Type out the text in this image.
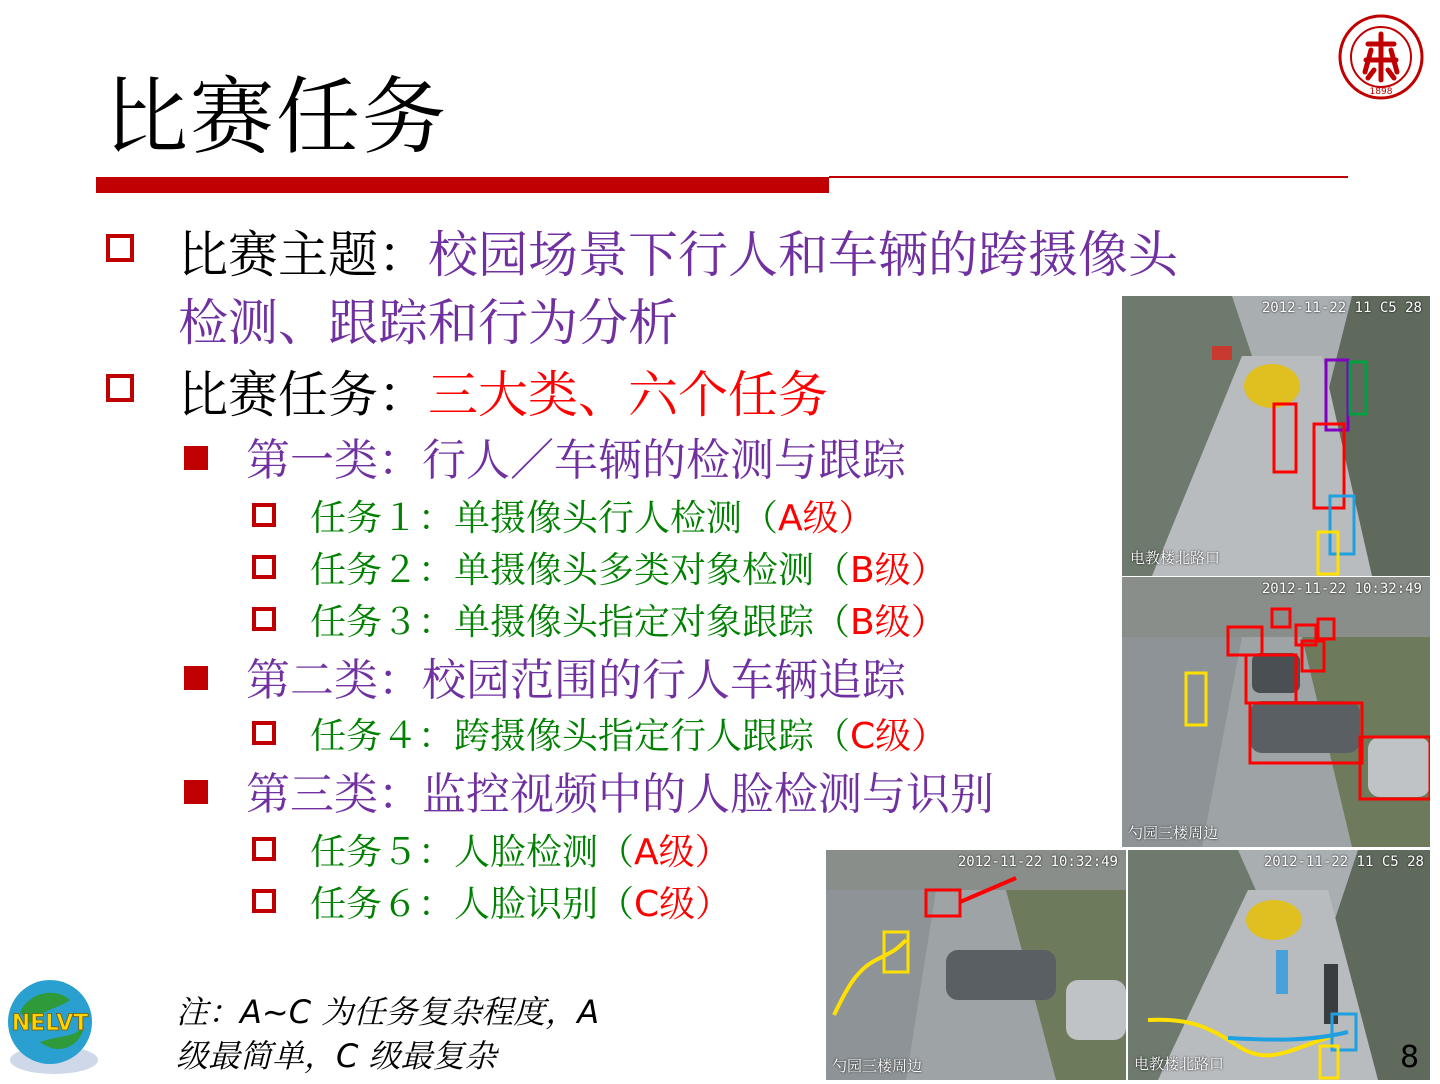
比赛任务	1898
比赛主题：校园场景下行人和车辆的跨摄像头
检测、跟踪和行为分析
比赛任务：三大类、六个任务
第一类：行人／车辆的检测与跟踪
任务１：单摄像头行人检测（A级）
任务２：单摄像头多类对象检测（B级）
任务３：单摄像头指定对象跟踪（B级）
第二类：校园范围的行人车辆追踪
任务４：跨摄像头指定行人跟踪（C级）
第三类：监控视频中的人脸检测与识别
任务５：人脸检测（A级）
任务６：人脸识别（C级）
2012-11-22 11 C5 28
电教楼北路口
2012-11-22 10:32:49
勺园三楼周边
2012-11-22 10:32:49
勺园三楼周边
2012-11-22 11 C5 28
电教楼北路口
NELVT	注：A~C 为任务复杂程度，A
级最简单，C 级最复杂	8
